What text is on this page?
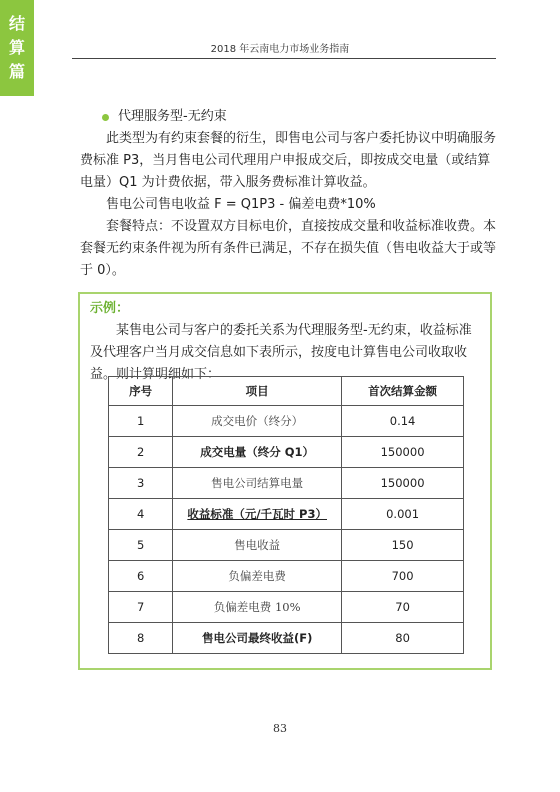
结
算
篇
2018 年云南电力市场业务指南
代理服务型-无约束

此类型为有约束套餐的衍生，即售电公司与客户委托协议中明确服务费标准 P3，当月售电公司代理用户申报成交后，即按成交电量（或结算电量）Q1 为计费依据，带入服务费标准计算收益。

售电公司售电收益 F = Q1P3 - 偏差电费*10%

套餐特点：不设置双方目标电价，直接按成交量和收益标准收费。本套餐无约束条件视为所有条件已满足，不存在损失值（售电收益大于或等于 0）。

示例：

某售电公司与客户的委托关系为代理服务型-无约束，收益标准及代理客户当月成交信息如下表所示，按度电计算售电公司收取收益。则计算明细如下：

序号	项目	首次结算金额
1	成交电价（终分）	0.14
2	成交电量（终分 Q1）	150000
3	售电公司结算电量	150000
4	收益标准（元/千瓦时 P3）	0.001
5	售电收益	150
6	负偏差电费	700
7	负偏差电费 10%	70
8	售电公司最终收益(F)	80
83
